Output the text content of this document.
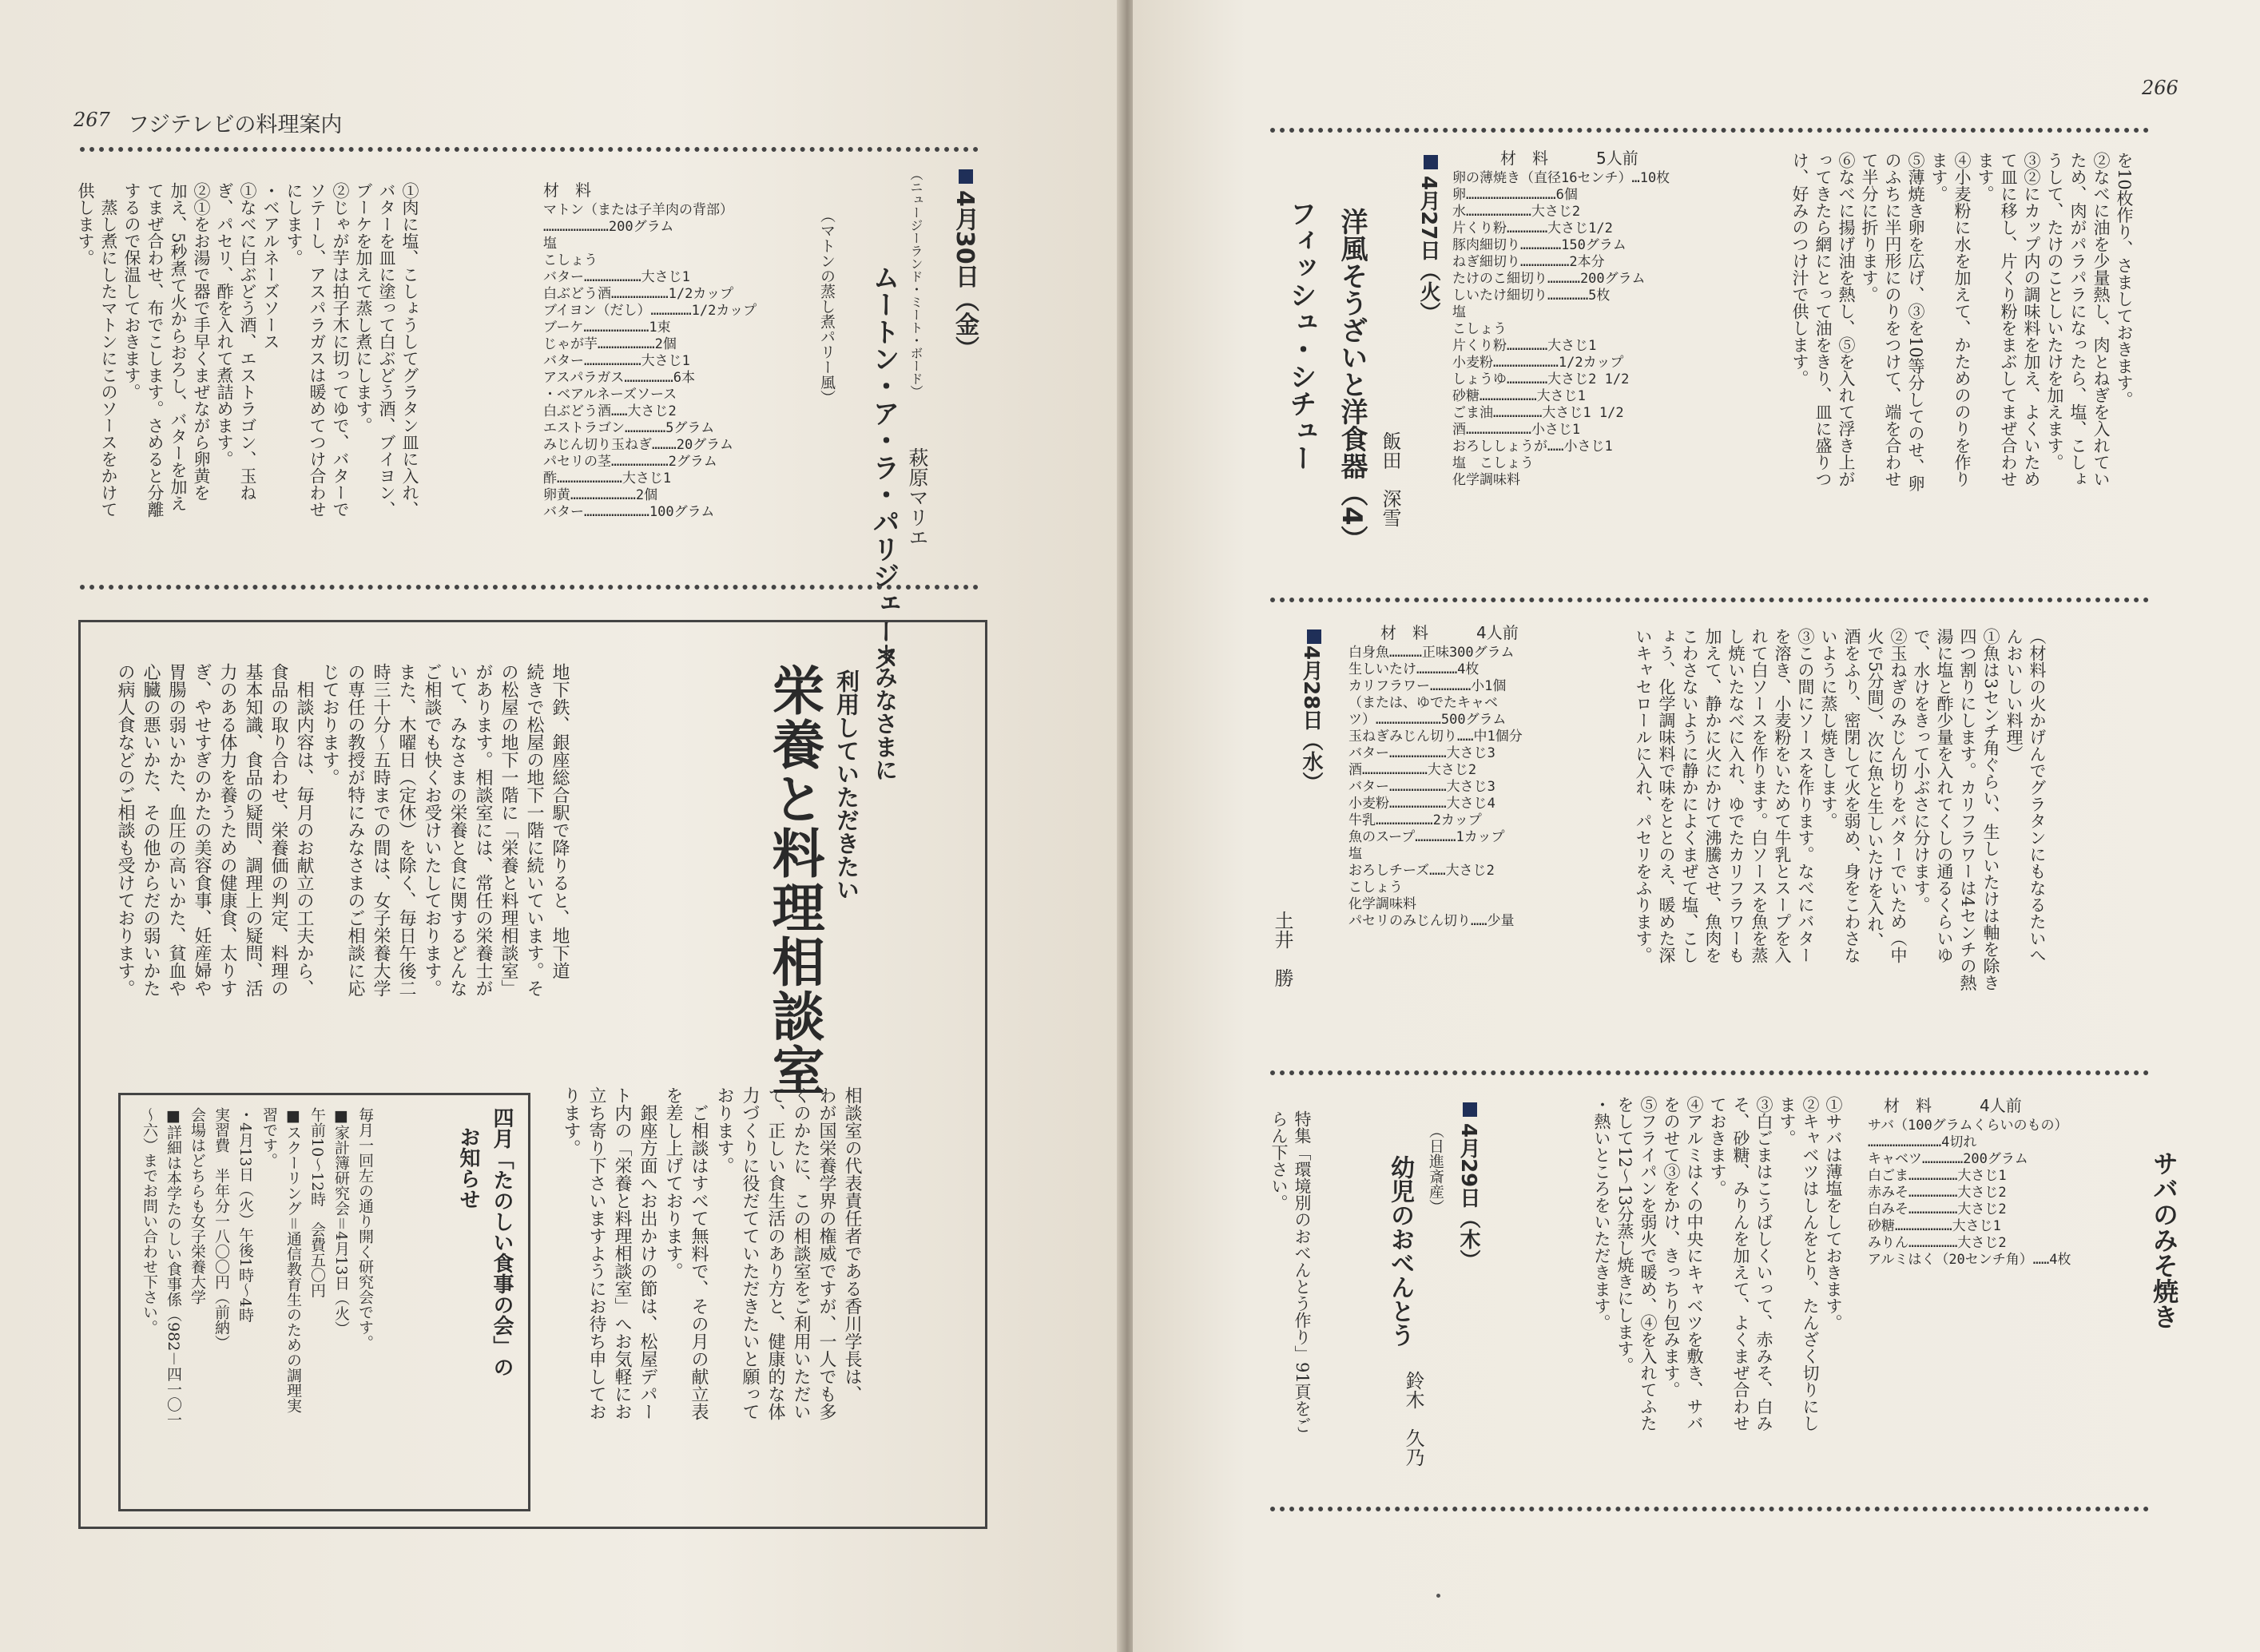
267 フジテレビの料理案内
4月30日（金）
（ニュージーランド・ミート・ボード）
ムートン・ア・ラ・パリジェーヌ
（マトンの蒸し煮パリー風）
萩原マリエ
材　料
マトン（または子羊肉の背部）
……………………200グラム
塩
こしょう
バター…………………大さじ1
白ぶどう酒…………………1/2カップ
ブイヨン（だし）……………1/2カップ
ブーケ……………………1束
じゃが芋…………………2個
バター…………………大さじ1
アスパラガス………………6本
・ベアルネーズソース
白ぶどう酒……大さじ2
エストラゴン……………5グラム
みじん切り玉ねぎ………20グラム
パセリの茎…………………2グラム
酢……………………大さじ1
卵黄……………………2個
バター……………………100グラム
①肉に塩、こしょうしてグラタン皿に入れ、
バターを皿に塗って白ぶどう酒、ブイヨン、
ブーケを加えて蒸し煮にします。
②じゃが芋は拍子木に切ってゆで、バターで
ソテーし、アスパラガスは暖めてつけ合わせ
にします。
・ベアルネーズソース
①なべに白ぶどう酒、エストラゴン、玉ね
ぎ、パセリ、酢を入れて煮詰めます。
②①をお湯で器で手早くまぜながら卵黄を
加え、5秒煮て火からおろし、バターを加え
てまぜ合わせ、布でこします。さめると分離
するので保温しておきます。
　蒸し煮にしたマトンにこのソースをかけて
供します。
＊みなさまに
利用していただきたい
栄養と料理相談室
地下鉄、銀座総合駅で降りると、地下道
続きで松屋の地下一階に続いています。そ
の松屋の地下一階に「栄養と料理相談室」
があります。相談室には、常任の栄養士が
いて、みなさまの栄養と食に関するどんな
ご相談でも快くお受けいたしております。
また、木曜日（定休）を除く、毎日午後二
時三十分～五時までの間は、女子栄養大学
の専任の教授が特にみなさまのご相談に応
じております。
　相談内容は、毎月のお献立の工夫から、
食品の取り合わせ、栄養価の判定、料理の
基本知識、食品の疑問、調理上の疑問、活
力のある体力を養うための健康食、太りす
ぎ、やせすぎのかたの美容食事、妊産婦や
胃腸の弱いかた、血圧の高いかた、貧血や
心臓の悪いかた、その他からだの弱いかた
の病人食などのご相談も受けております。
相談室の代表責任者である香川学長は、
わが国栄養学界の権威ですが、一人でも多
くのかたに、この相談室をご利用いただい
て、正しい食生活のあり方と、健康的な体
力づくりに役だてていただきたいと願って
おります。
　ご相談はすべて無料で、その月の献立表
を差し上げております。
　銀座方面へお出かけの節は、松屋デパー
ト内の「栄養と料理相談室」へお気軽にお
立ち寄り下さいますようにお待ち申してお
ります。
四月「たのしい食事の会」の
お知らせ
毎月一回左の通り開く研究会です。
■家計簿研究会＝4月13日（火）
午前10～12時　会費五〇円
■スクーリング＝通信教育生のための調理実
習です。
・4月13日（火）午後1時～4時
実習費　半年分一八〇〇円（前納）
会場はどちらも女子栄養大学
■詳細は本学たのしい食事係（982－四一〇一
～六）までお問い合わせ下さい。
266
を10枚作り、さましておきます。
②なべに油を少量熱し、肉とねぎを入れてい
ため、肉がパラパラになったら、塩、こしょ
うして、たけのことしいたけを加えます。
③②にカップ内の調味料を加え、よくいため
て皿に移し、片くり粉をまぶしてまぜ合わせ
ます。
④小麦粉に水を加えて、かためののりを作り
ます。
⑤薄焼き卵を広げ、③を10等分してのせ、卵
のふちに半円形にのりをつけて、端を合わせ
て半分に折ります。
⑥なべに揚げ油を熱し、⑤を入れて浮き上が
ってきたら網にとって油をきり、皿に盛りつ
け、好みのつけ汁で供します。
材　料　　　5人前
卵の薄焼き（直径16センチ）…10枚
卵……………………………6個
水……………………大さじ2
片くり粉……………大さじ1/2
豚肉細切り……………150グラム
ねぎ細切り………………2本分
たけのこ細切り…………200グラム
しいたけ細切り……………5枚
塩
こしょう
片くり粉……………大さじ1
小麦粉……………………1/2カップ
しょうゆ……………大さじ2 1/2
砂糖…………………大さじ1
ごま油………………大さじ1 1/2
酒……………………小さじ1
おろししょうが……小さじ1
塩　こしょう
化学調味料
4月27日（火）
洋風そうざいと洋食器（4）
フィッシュ・シチュー
飯田　深雪
4月28日（水）
土井　勝
材　料　　　4人前
白身魚…………正味300グラム
生しいたけ……………4枚
カリフラワー……………小1個
（または、ゆでたキャベ
ツ）……………………500グラム
玉ねぎみじん切り……中1個分
バター…………………大さじ3
酒……………………大さじ2
バター…………………大さじ3
小麦粉…………………大さじ4
牛乳…………………2カップ
魚のスープ……………1カップ
塩
おろしチーズ……大さじ2
こしょう
化学調味料
パセリのみじん切り……少量	（材料の火かげんでグラタンにもなるたいへ
んおいしい料理）
①魚は3センチ角ぐらい、生しいたけは軸を除き
四つ割りにします。カリフラワーは4センチの熱
湯に塩と酢少量を入れてくしの通るくらいゆ
で、水けをきって小ぶさに分けます。
②玉ねぎのみじん切りをバターでいため（中
火で5分間）、次に魚と生しいたけを入れ、
酒をふり、密閉して火を弱め、身をこわさな
いように蒸し焼きします。
③この間にソースを作ります。なべにバター
を溶き、小麦粉をいためて牛乳とスープを入
れて白ソースを作ります。白ソースを魚を蒸
し焼いたなべに入れ、ゆでたカリフラワーも
加えて、静かに火にかけて沸騰させ、魚肉を
こわさないように静かによくまぜて塩、こし
ょう、化学調味料で味をととのえ、暖めた深
いキャセロールに入れ、パセリをふります。
材　料　　　4人前
サバ（100グラムくらいのもの）
………………………4切れ
キャベツ……………200グラム
白ごま………………大さじ1
赤みそ………………大さじ2
白みそ………………大さじ2
砂糖…………………大さじ1
みりん………………大さじ2
アルミはく（20センチ角）……4枚	サバのみそ焼き
①サバは薄塩をしておきます。
②キャベツはしんをとり、たんざく切りにし
ます。
③白ごまはこうばしくいって、赤みそ、白み
そ、砂糖、みりんを加えて、よくまぜ合わせ
ておきます。
④アルミはくの中央にキャベツを敷き、サバ
をのせて③をかけ、きっちり包みます。
⑤フライパンを弱火で暖め、④を入れてふた
をして12～13分蒸し焼きにします。
・熱いところをいただきます。
4月29日（木）
（日進斎産）
幼児のおべんとう
鈴木　久乃
特集「環境別のおべんとう作り」91頁をご
らん下さい。
